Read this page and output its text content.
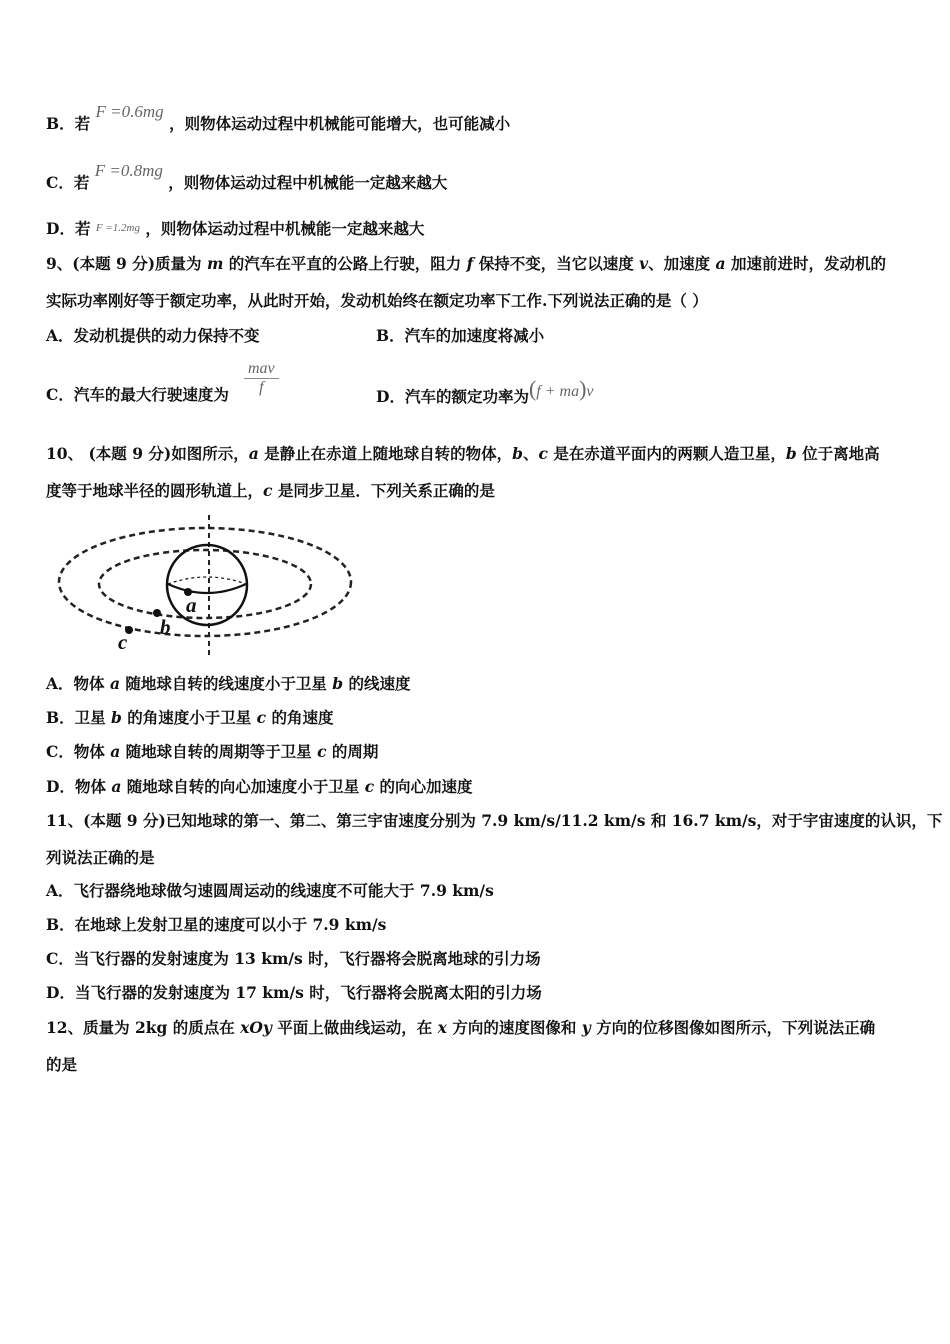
B．若 F =0.6mg ，则物体运动过程中机械能可能增大，也可能减小
C．若 F =0.8mg ，则物体运动过程中机械能一定越来越大
D．若 F =1.2mg ，则物体运动过程中机械能一定越来越大
9、(本题 9 分)质量为 m 的汽车在平直的公路上行驶，阻力 f 保持不变，当它以速度 v、加速度 a 加速前进时，发动机的
实际功率刚好等于额定功率，从此时开始，发动机始终在额定功率下工作.下列说法正确的是（ ）
A．发动机提供的动力保持不变	B．汽车的加速度将减小
C．汽车的最大行驶速度为
mav
f	D．汽车的额定功率为(f + ma)v
10、 (本题 9 分)如图所示，a 是静止在赤道上随地球自转的物体，b、c 是在赤道平面内的两颗人造卫星，b 位于离地高
度等于地球半径的圆形轨道上，c 是同步卫星．下列关系正确的是
a
b
c
A．物体 a 随地球自转的线速度小于卫星 b 的线速度
B．卫星 b 的角速度小于卫星 c 的角速度
C．物体 a 随地球自转的周期等于卫星 c 的周期
D．物体 a 随地球自转的向心加速度小于卫星 c 的向心加速度
11、(本题 9 分)已知地球的第一、第二、第三宇宙速度分别为 7.9 km/s/11.2 km/s 和 16.7 km/s，对于宇宙速度的认识，下
列说法正确的是
A．飞行器绕地球做匀速圆周运动的线速度不可能大于 7.9 km/s
B．在地球上发射卫星的速度可以小于 7.9 km/s
C．当飞行器的发射速度为 13 km/s 时，飞行器将会脱离地球的引力场
D．当飞行器的发射速度为 17 km/s 时，飞行器将会脱离太阳的引力场
12、质量为 2kg 的质点在 xOy 平面上做曲线运动，在 x 方向的速度图像和 y 方向的位移图像如图所示，下列说法正确
的是
